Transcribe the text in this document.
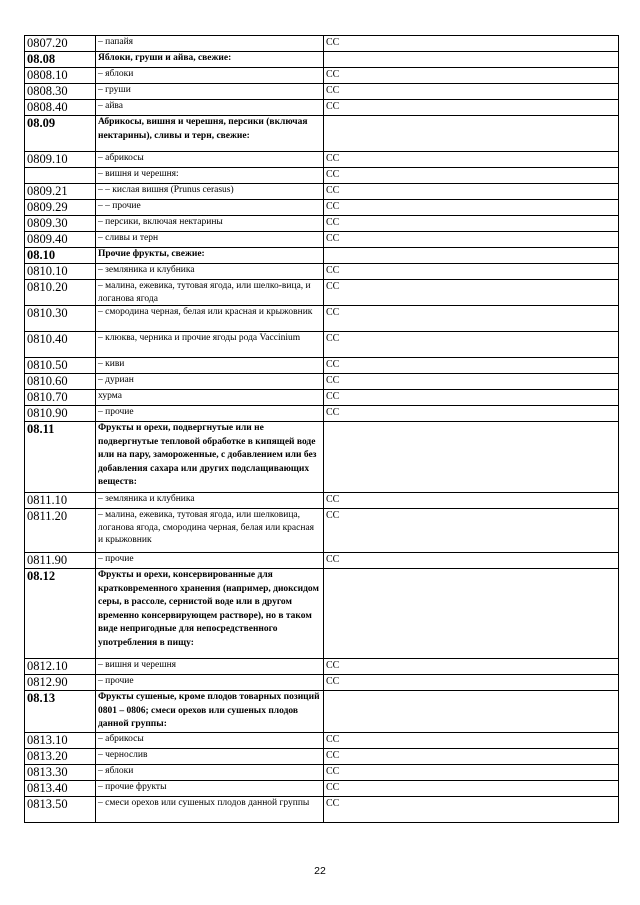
0807.20	– папайя	СС
08.08	Яблоки, груши и айва, свежие:	
0808.10	– яблоки	СС
0808.30	– груши	СС
0808.40	– айва	СС
08.09	Абрикосы, вишня и черешня, персики (включая нектарины), сливы и терн, свежие:	
0809.10	– абрикосы	СС
	– вишня и черешня:	СС
0809.21	– – кислая вишня (Prunus cerasus)	СС
0809.29	– – прочие	СС
0809.30	– персики, включая нектарины	СС
0809.40	– сливы и терн	СС
08.10	Прочие фрукты, свежие:	
0810.10	– земляника и клубника	СС
0810.20	– малина, ежевика, тутовая ягода, или шелко-вица, и логанова ягода	СС
0810.30	– смородина черная, белая или красная и крыжовник	СС
0810.40	– клюква, черника и прочие ягоды рода Vaccinium	СС
0810.50	– киви	СС
0810.60	– дуриан	СС
0810.70	хурма	СС
0810.90	– прочие	СС
08.11	Фрукты и орехи, подвергнутые или не подвергнутые тепловой обработке в кипящей воде или на пару, замороженные, с добавлением или без добавления сахара или других подслащивающих веществ:	
0811.10	– земляника и клубника	СС
0811.20	– малина, ежевика, тутовая ягода, или шелковица, логанова ягода, смородина черная, белая или красная и крыжовник	СС
0811.90	– прочие	СС
08.12	Фрукты и орехи, консервированные для кратковременного хранения (например, диоксидом серы, в рассоле, сернистой воде или в другом временно консервирующем растворе), но в таком виде непригодные для непосредственного употребления в пищу:	
0812.10	– вишня и черешня	СС
0812.90	– прочие	СС
08.13	Фрукты сушеные, кроме плодов товарных позиций 0801 – 0806; смеси орехов или сушеных плодов данной группы:	
0813.10	– абрикосы	СС
0813.20	– чернослив	СС
0813.30	– яблоки	СС
0813.40	– прочие фрукты	СС
0813.50	– смеси орехов или сушеных плодов данной группы	СС
22
